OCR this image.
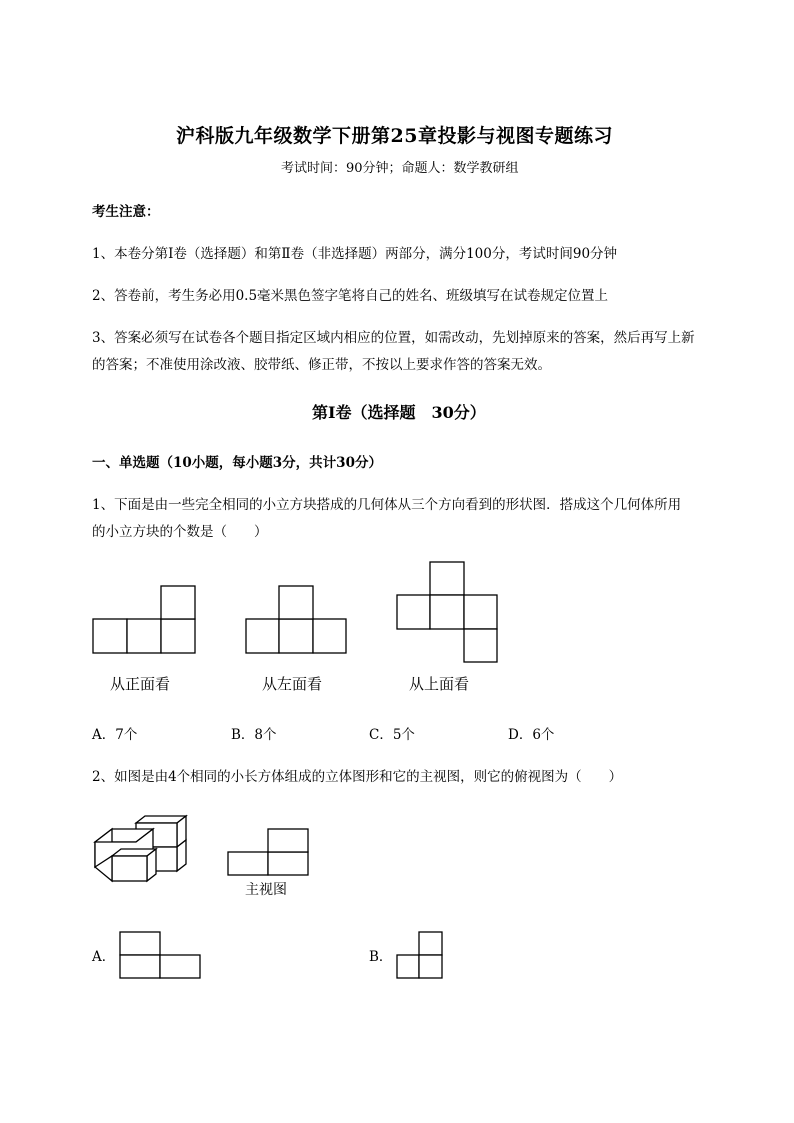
沪科版九年级数学下册第25章投影与视图专题练习
考试时间：90分钟；命题人：数学教研组
考生注意：
1、本卷分第Ⅰ卷（选择题）和第Ⅱ卷（非选择题）两部分，满分100分，考试时间90分钟
2、答卷前，考生务必用0.5毫米黑色签字笔将自己的姓名、班级填写在试卷规定位置上
3、答案必须写在试卷各个题目指定区域内相应的位置，如需改动，先划掉原来的答案，然后再写上新
的答案；不准使用涂改液、胶带纸、修正带，不按以上要求作答的答案无效。
第Ⅰ卷（选择题　30分）
一、单选题（10小题，每小题3分，共计30分）
1、下面是由一些完全相同的小立方块搭成的几何体从三个方向看到的形状图．搭成这个几何体所用
的小立方块的个数是（　　）
从正面看	从左面看	从上面看
A．7个	B．8个	C．5个	D．6个
2、如图是由4个相同的小长方体组成的立体图形和它的主视图，则它的俯视图为（　　）
主视图
A．	B．
